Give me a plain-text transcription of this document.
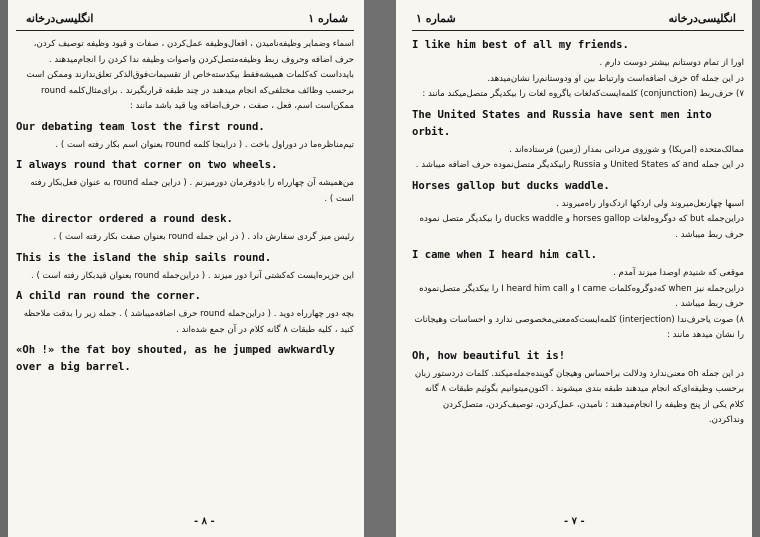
انگلیسی‌درخانه	شماره ۱

اسماء وضمایر وظیفه‌نامیدن ، افعال‌وظیفه عمل‌کردن ، صفات و قیود وظیفه توصیف کردن، حرف اضافه وحروف ربط وظیفه‌متصل‌کردن واصوات وظیفه ندا کردن را انجام‌میدهند .

بایدداست که‌کلمات همیشه‌فقط بیکدسته‌خاص از تقسیمات‌فوق‌الذکر تعلق‌ندارند وممکن است برحسب وظائف مختلفی‌که انجام میدهند در چند طبقه قراربگیرند . برای‌مثال‌کلمه round ممکن‌است اسم، فعل ، صفت ، حرف‌اضافه ویا قید باشد مانند :

Our debating team lost the first round.

تیم‌مناظره‌ما در دوراول باخت . ( دراینجا کلمه round بعنوان اسم بکار رفته است ) .

I always round that corner on two wheels.

من‌همیشه آن چهارراه را بادوفرمان دورمیزنم . ( دراین جمله round به عنوان فعل‌بکار رفته است ) .

The director ordered a round desk.

رئیس میز گردی سفارش داد . ( در این جمله round بعنوان صفت بکار رفته است ) .

This is the island the ship sails round.

این جزیره‌ایست که‌کشتی آنرا دور میزند . ( دراین‌جمله round بعنوان قیدبکار رفته است ) .

A child ran round the corner.

بچه دور چهارراه دوید . ( دراین‌جمله round حرف اضافه‌میباشد ) . جمله زیر را بدقت ملاحظه کنید ، کلیه طبقات ۸ گانه کلام در آن جمع شده‌اند .

«Oh !» the fat boy shouted, as he jumped awkwardly over a big barrel.

- ۸ -
شماره ۱	انگلیسی‌درخانه

I like him best of all my friends.

اورا از تمام دوستانم بیشتر دوست دارم .

در این جمله of حرف اضافه‌است وارتباط بین او ودوستانم‌را نشان‌میدهد.

۷) حرف‌ربط (conjunction) کلمه‌ایست‌که‌لغات یاگروه لغات را بیکدیگر متصل‌میکند مانند :

The United States and Russia have sent men into orbit.

ممالک‌متحده (امریکا) و شوروی مردانی بمدار (زمین) فرستاده‌اند .

در این جمله and که United States و Russia رابیکدیگر متصل‌نموده حرف اضافه میباشد .

Horses gallop but ducks waddle.

اسبها چهارنعل‌میروند ولی اردکها اردک‌وار راه‌میروند .

دراین‌جمله but که دوگروه‌لغات horses gallop و ducks waddle را بیکدیگر متصل نموده حرف ربط میباشد .

I came when I heard him call.

موقعی که شنیدم اوصدا میزند آمدم .

دراین‌جمله نیز when که‌دوگروه‌کلمات I came و I heard him call را بیکدیگر متصل‌نموده حرف ربط میباشد .

۸) صوت یاحرف‌ندا (interjection) کلمه‌ایست‌که‌معنی‌مخصوصی ندارد و احساسات وهیجانات را نشان میدهد مانند :

Oh, how beautiful it is!

در این جمله oh معنی‌ندارد ودلالت براحساس وهیجان گوینده‌جمله‌میکند. کلمات دردستور زبان برحسب وظیفه‌ای‌که انجام میدهند طبقه بندی میشوند . اکنون‌میتوانیم بگوئیم طبقات ۸ گانه کلام یکی از پنج وظیفه را انجام‌میدهند : نامیدن، عمل‌کردن، توصیف‌کردن، متصل‌کردن وندا‌کردن.

- ۷ -
